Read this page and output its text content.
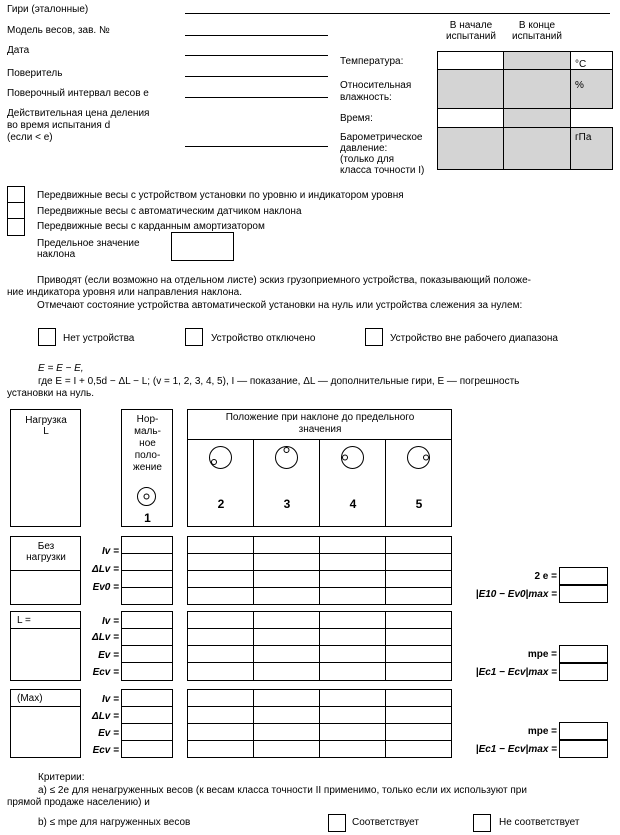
Гири (эталонные)
Модель весов, зав. №
Дата
Поверитель
Поверочный интервал весов e
Действительная цена деления
во время испытания d
(если < e)
В начале
испытаний
В конце
испытаний
Температура:	°C
Относительная
влажность:
%
Время:
Барометрическое
давление:
(только для
класса точности I)
гПа
Передвижные весы с устройством установки по уровню и индикатором уровня
Передвижные весы с автоматическим датчиком наклона
Передвижные весы с карданным амортизатором
Предельное значение
наклона
Приводят (если возможно на отдельном листе) эскиз грузоприемного устройства, показывающий положе-
ние индикатора уровня или направления наклона.
Отмечают состояние устройства автоматической установки на нуль или устройства слежения за нулем:
Нет устройства	Устройство отключено	Устройство вне рабочего диапазона
E = E − E,
где E = I + 0,5d − ΔL − L; (v = 1, 2, 3, 4, 5), I — показание, ΔL — дополнительные гири, E — погрешность
установки на нуль.
Нагрузка
L
Нор-
маль-
ное
поло-
жение
Положение при наклоне до предельного
значения
1
2	3	4	5
Без
нагрузки
L =
(Max)
Iv =
ΔLv =
Ev0 =
Iv =
ΔLv =
Ev =
Ecv =
Iv =
ΔLv =
Ev =
Ecv =
2 e =
|E10 − Ev0|max =
mpe =
|Ec1 − Ecv|max =
mpe =
|Ec1 − Ecv|max =
Критерии:
а) ≤ 2e для ненагруженных весов (к весам класса точности II применимо, только если их используют при
прямой продаже населению) и
b) ≤ mpe для нагруженных весов	Соответствует	Не соответствует
